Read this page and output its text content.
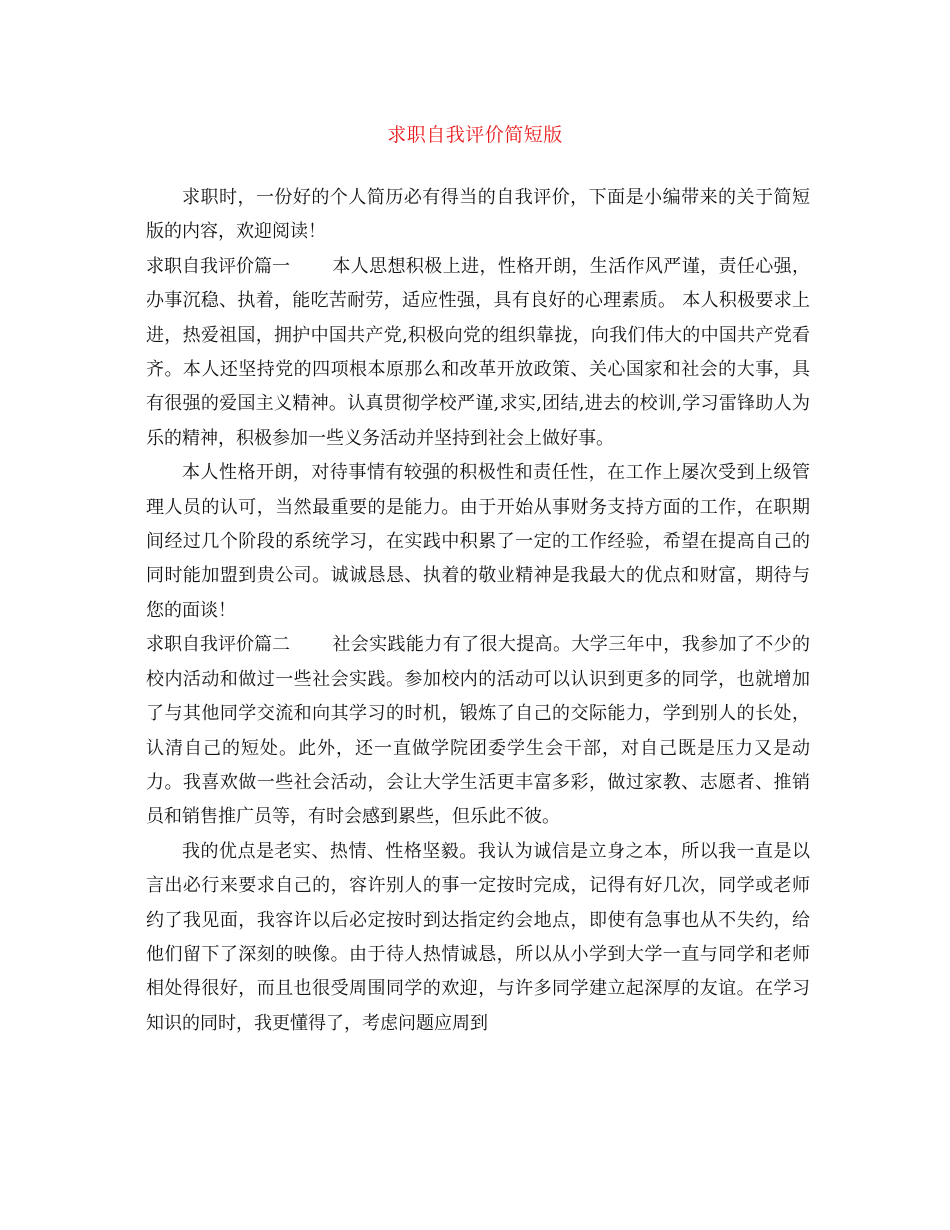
求职自我评价简短版

求职时，一份好的个人简历必有得当的自我评价，下面是小编带来的关于简短版的内容，欢迎阅读！

求职自我评价篇一 本人思想积极上进，性格开朗，生活作风严谨，责任心强，办事沉稳、执着，能吃苦耐劳，适应性强，具有良好的心理素质。 本人积极要求上进，热爱祖国，拥护中国共产党,积极向党的组织靠拢，向我们伟大的中国共产党看齐。本人还坚持党的四项根本原那么和改革开放政策、关心国家和社会的大事，具有很强的爱国主义精神。认真贯彻学校严谨,求实,团结,进去的校训,学习雷锋助人为乐的精神，积极参加一些义务活动并坚持到社会上做好事。

本人性格开朗，对待事情有较强的积极性和责任性，在工作上屡次受到上级管理人员的认可，当然最重要的是能力。由于开始从事财务支持方面的工作，在职期间经过几个阶段的系统学习，在实践中积累了一定的工作经验，希望在提高自己的同时能加盟到贵公司。诚诚恳恳、执着的敬业精神是我最大的优点和财富，期待与您的面谈！

求职自我评价篇二 社会实践能力有了很大提高。大学三年中，我参加了不少的校内活动和做过一些社会实践。参加校内的活动可以认识到更多的同学，也就增加了与其他同学交流和向其学习的时机，锻炼了自己的交际能力，学到别人的长处，认清自己的短处。此外，还一直做学院团委学生会干部，对自己既是压力又是动力。我喜欢做一些社会活动，会让大学生活更丰富多彩，做过家教、志愿者、推销员和销售推广员等，有时会感到累些，但乐此不彼。

我的优点是老实、热情、性格坚毅。我认为诚信是立身之本，所以我一直是以言出必行来要求自己的，容许别人的事一定按时完成，记得有好几次，同学或老师约了我见面，我容许以后必定按时到达指定约会地点，即使有急事也从不失约，给他们留下了深刻的映像。由于待人热情诚恳，所以从小学到大学一直与同学和老师相处得很好，而且也很受周围同学的欢迎，与许多同学建立起深厚的友谊。在学习知识的同时，我更懂得了，考虑问题应周到
